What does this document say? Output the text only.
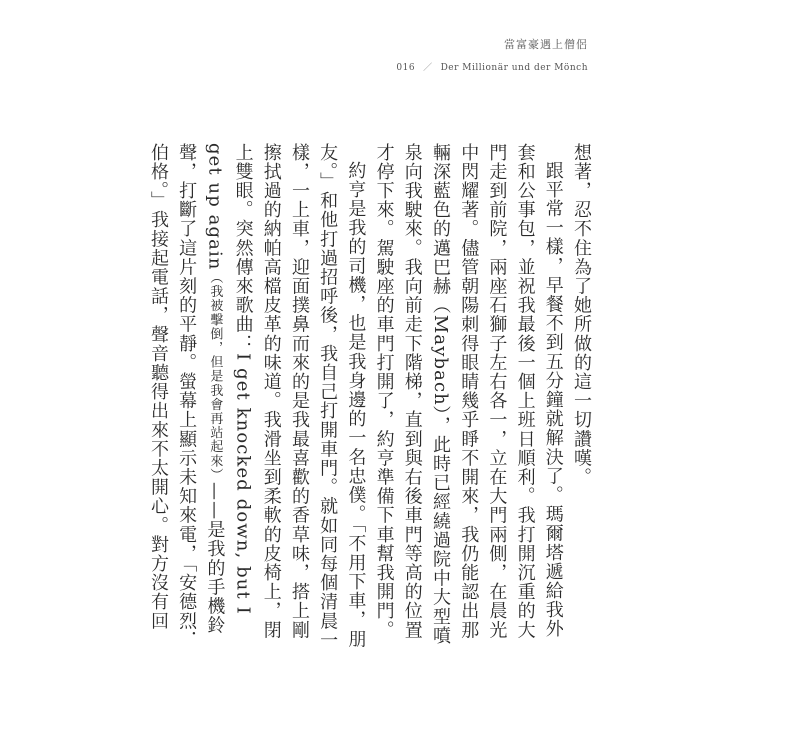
當富豪遇上僧侶
016 ／ Der Millionär und der Mönch

想著，忍不住為了她所做的這一切讚嘆。

跟平常一樣，早餐不到五分鐘就解決了。瑪爾塔遞給我外套和公事包，並祝我最後一個上班日順利。我打開沉重的大門走到前院，兩座石獅子左右各一，立在大門兩側，在晨光中閃耀著。儘管朝陽刺得眼睛幾乎睜不開來，我仍能認出那輛深藍色的邁巴赫（Maybach），此時已經繞過院中大型噴泉向我駛來。我向前走下階梯，直到與右後車門等高的位置才停下來。駕駛座的車門打開了，約亨準備下車幫我開門。

約亨是我的司機，也是我身邊的一名忠僕。「不用下車，朋友。」和他打過招呼後，我自己打開車門。就如同每個清晨一樣，一上車，迎面撲鼻而來的是我最喜歡的香草味，搭上剛擦拭過的納帕高檔皮革的味道。我滑坐到柔軟的皮椅上，閉上雙眼。突然傳來歌曲：I get knocked down, but I get up again（我被擊倒，但是我會再站起來）——是我的手機鈴聲，打斷了這片刻的平靜。螢幕上顯示未知來電，「安德烈．伯格。」我接起電話，聲音聽得出來不太開心。對方沒有回
